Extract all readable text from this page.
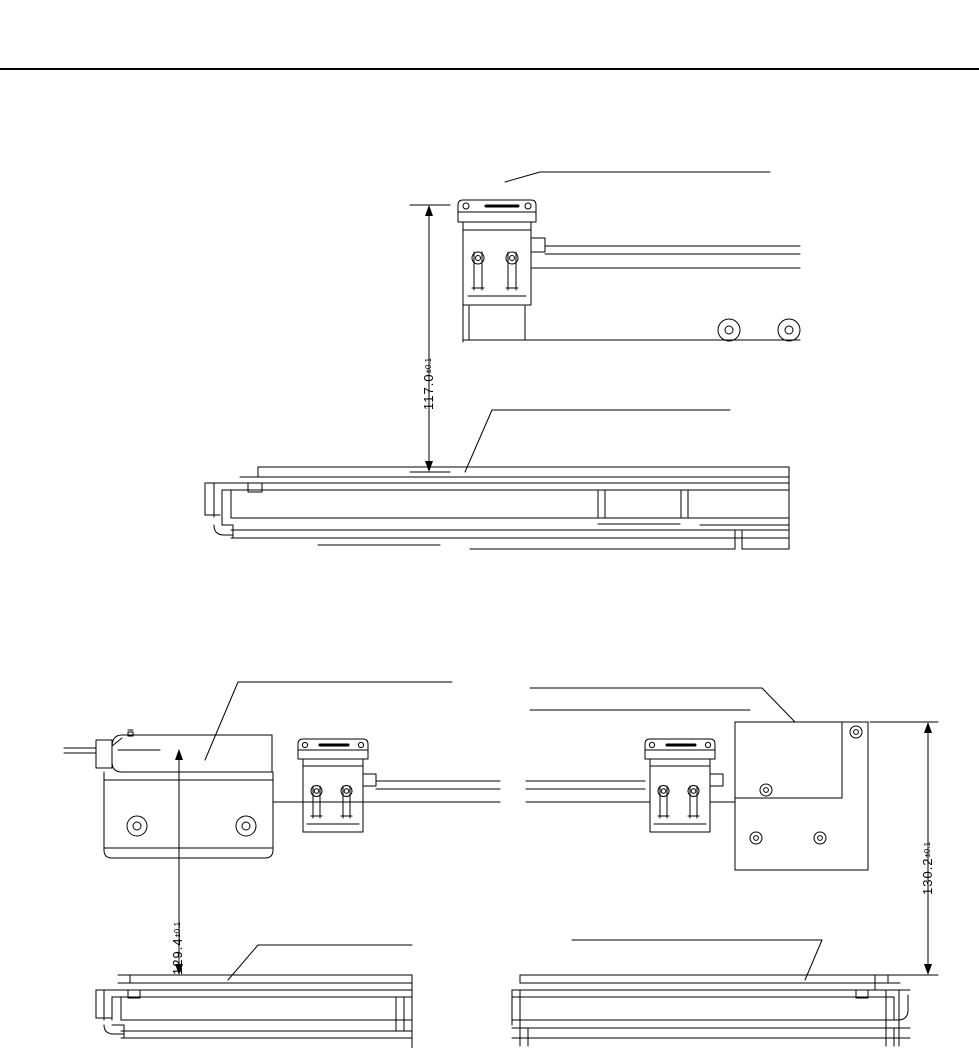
117.0±0.1
129.4±0.1
130.2±0.1
